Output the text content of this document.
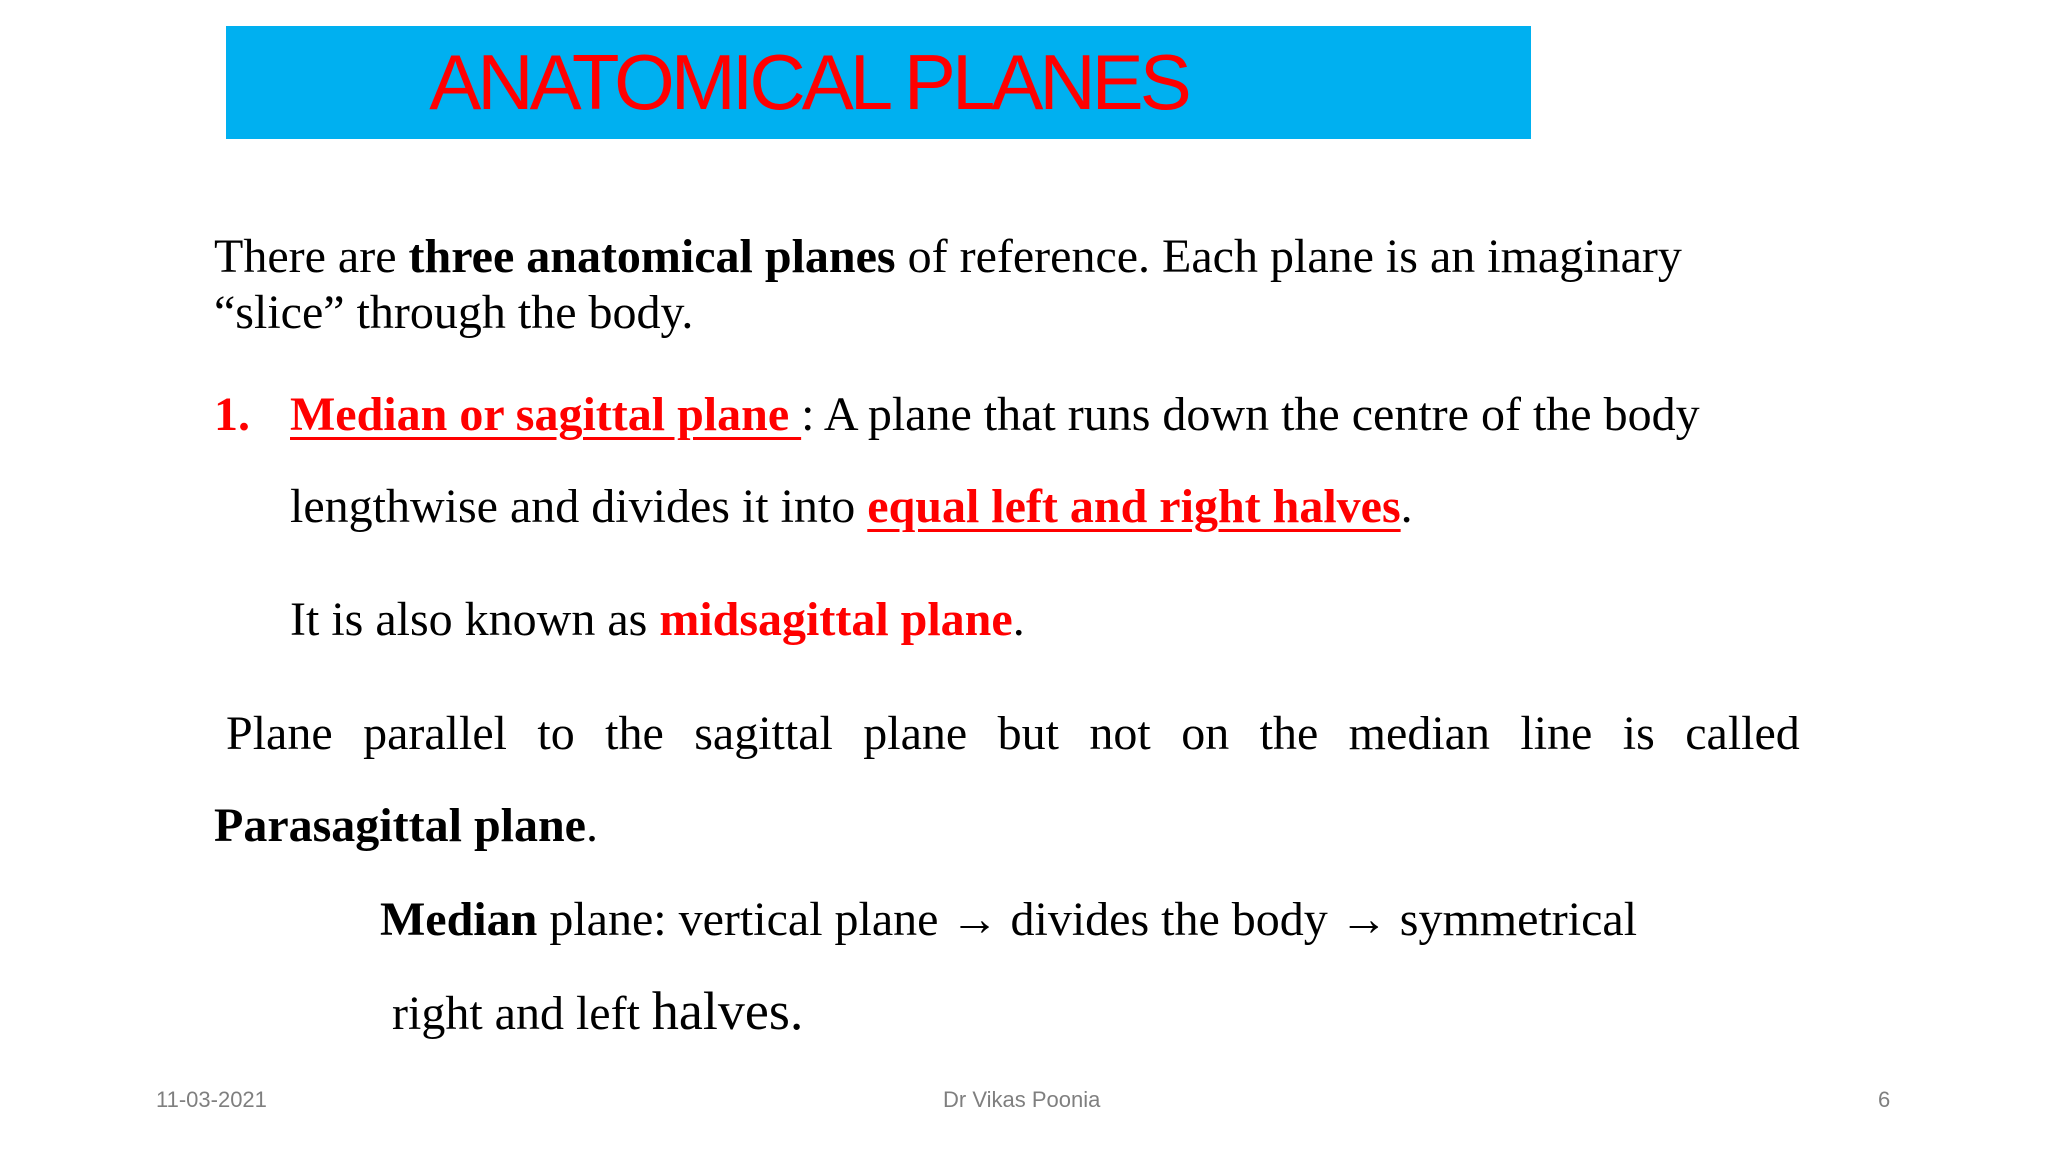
ANATOMICAL PLANES
There are three anatomical planes of reference. Each plane is an imaginary
“slice” through the body.
1. Median or sagittal plane : A plane that runs down the centre of the body
lengthwise and divides it into equal left and right halves.
It is also known as midsagittal plane.
Plane parallel to the sagittal plane but not on the median line is called
Parasagittal plane.
Median plane: vertical plane → divides the body → symmetrical
right and left halves.
11-03-2021	Dr Vikas Poonia	6
